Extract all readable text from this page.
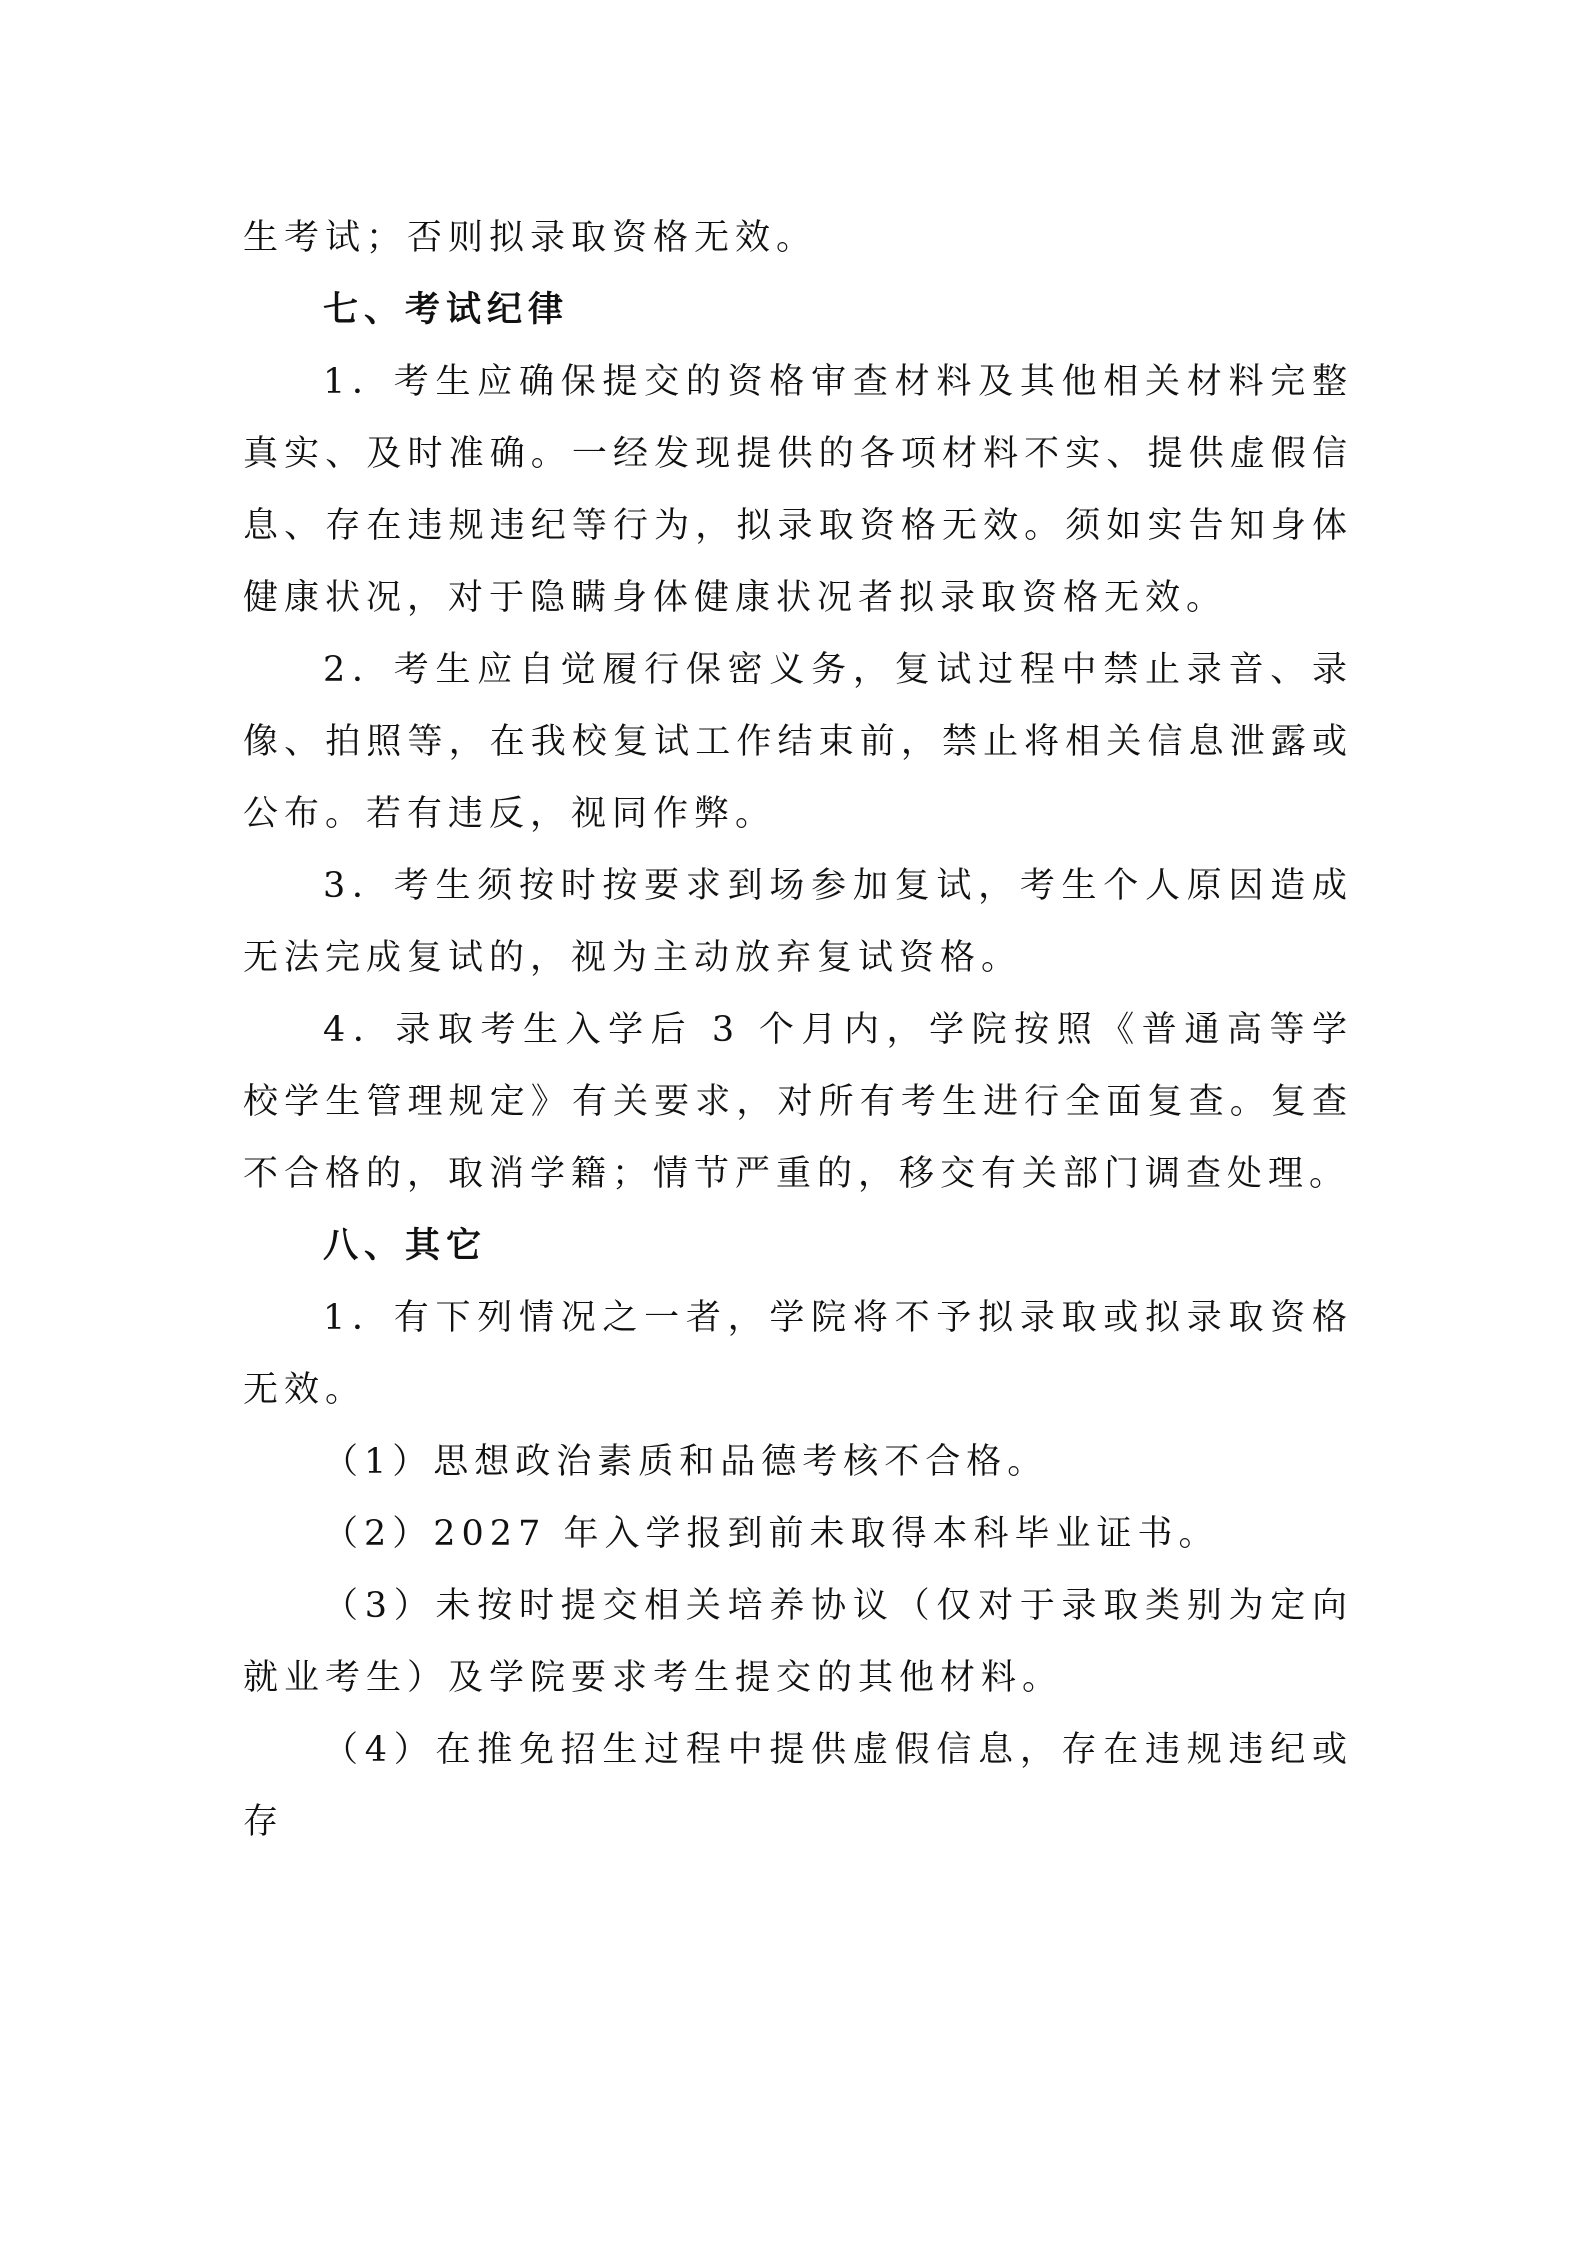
生考试；否则拟录取资格无效。

七、考试纪律

1．考生应确保提交的资格审查材料及其他相关材料完整真实、及时准确。一经发现提供的各项材料不实、提供虚假信息、存在违规违纪等行为，拟录取资格无效。须如实告知身体健康状况，对于隐瞒身体健康状况者拟录取资格无效。

2．考生应自觉履行保密义务，复试过程中禁止录音、录像、拍照等，在我校复试工作结束前，禁止将相关信息泄露或公布。若有违反，视同作弊。

3．考生须按时按要求到场参加复试，考生个人原因造成无法完成复试的，视为主动放弃复试资格。

4．录取考生入学后 3 个月内，学院按照《普通高等学校学生管理规定》有关要求，对所有考生进行全面复查。复查不合格的，取消学籍；情节严重的，移交有关部门调查处理。

八、其它

1．有下列情况之一者，学院将不予拟录取或拟录取资格无效。

（1）思想政治素质和品德考核不合格。

（2）2027 年入学报到前未取得本科毕业证书。

（3）未按时提交相关培养协议（仅对于录取类别为定向就业考生）及学院要求考生提交的其他材料。

（4）在推免招生过程中提供虚假信息，存在违规违纪或存
